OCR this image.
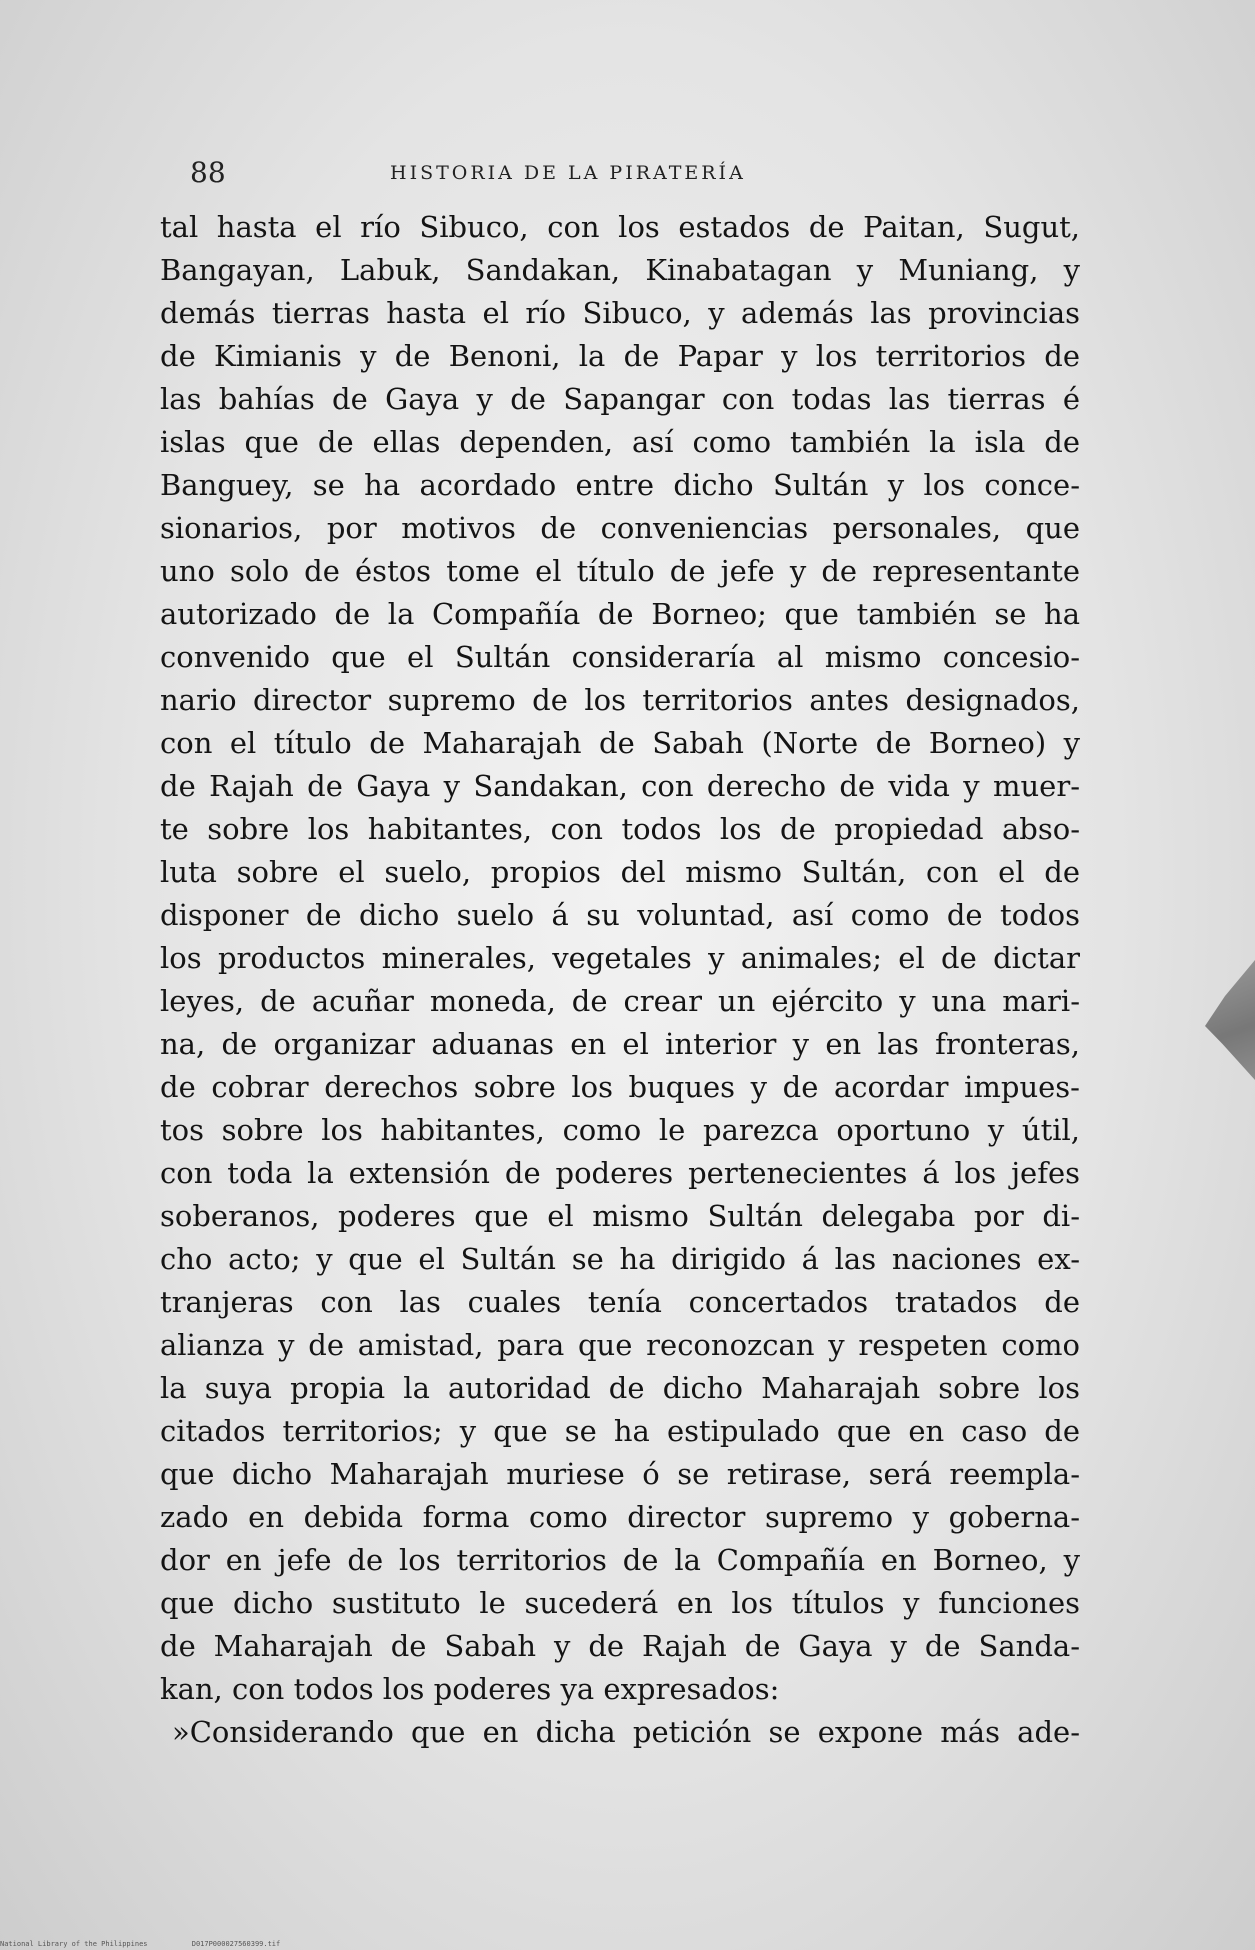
88	HISTORIA DE LA PIRATERÍA
tal hasta el río Sibuco, con los estados de Paitan, Sugut,
Bangayan, Labuk, Sandakan, Kinabatagan y Muniang, y
demás tierras hasta el río Sibuco, y además las provincias
de Kimianis y de Benoni, la de Papar y los territorios de
las bahías de Gaya y de Sapangar con todas las tierras é
islas que de ellas dependen, así como también la isla de
Banguey, se ha acordado entre dicho Sultán y los conce-
sionarios, por motivos de conveniencias personales, que
uno solo de éstos tome el título de jefe y de representante
autorizado de la Compañía de Borneo; que también se ha
convenido que el Sultán consideraría al mismo concesio-
nario director supremo de los territorios antes designados,
con el título de Maharajah de Sabah (Norte de Borneo) y
de Rajah de Gaya y Sandakan, con derecho de vida y muer-
te sobre los habitantes, con todos los de propiedad abso-
luta sobre el suelo, propios del mismo Sultán, con el de
disponer de dicho suelo á su voluntad, así como de todos
los productos minerales, vegetales y animales; el de dictar
leyes, de acuñar moneda, de crear un ejército y una mari-
na, de organizar aduanas en el interior y en las fronteras,
de cobrar derechos sobre los buques y de acordar impues-
tos sobre los habitantes, como le parezca oportuno y útil,
con toda la extensión de poderes pertenecientes á los jefes
soberanos, poderes que el mismo Sultán delegaba por di-
cho acto; y que el Sultán se ha dirigido á las naciones ex-
tranjeras con las cuales tenía concertados tratados de
alianza y de amistad, para que reconozcan y respeten como
la suya propia la autoridad de dicho Maharajah sobre los
citados territorios; y que se ha estipulado que en caso de
que dicho Maharajah muriese ó se retirase, será reempla-
zado en debida forma como director supremo y goberna-
dor en jefe de los territorios de la Compañía en Borneo, y
que dicho sustituto le sucederá en los títulos y funciones
de Maharajah de Sabah y de Rajah de Gaya y de Sanda-
kan, con todos los poderes ya expresados:
»Considerando que en dicha petición se expone más ade-
National Library of the Philippines	D017P000027560399.tif
